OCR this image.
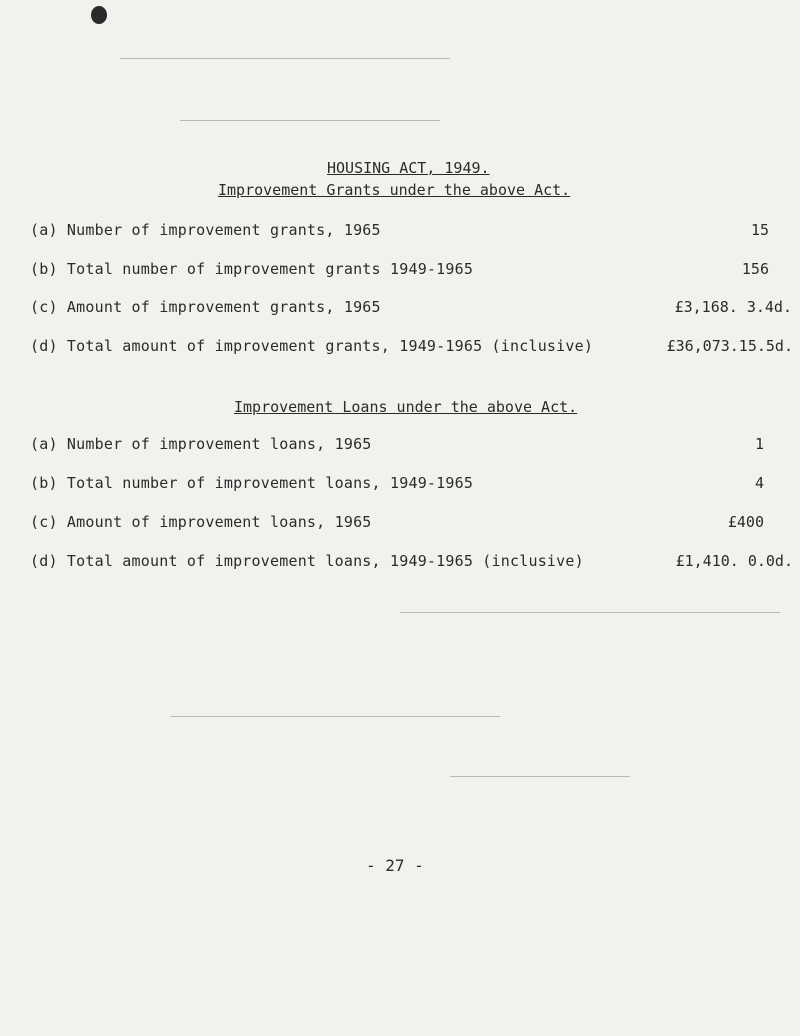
HOUSING ACT, 1949.
Improvement Grants under the above Act.
(a) Number of improvement grants, 1965	15
(b) Total number of improvement grants 1949-1965	156
(c) Amount of improvement grants, 1965	£3,168. 3.4d.
(d) Total amount of improvement grants, 1949-1965 (inclusive)	£36,073.15.5d.
Improvement Loans under the above Act.
(a) Number of improvement loans, 1965	1
(b) Total number of improvement loans, 1949-1965	4
(c) Amount of improvement loans, 1965	£400
(d) Total amount of improvement loans, 1949-1965 (inclusive)	£1,410. 0.0d.
- 27 -
